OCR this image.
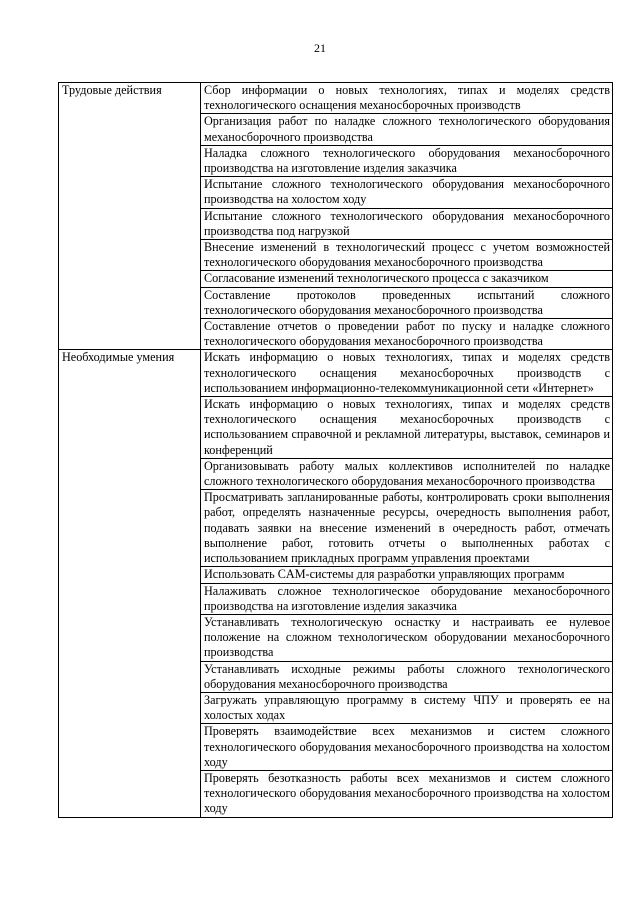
21
Трудовые действия	Сбор информации о новых технологиях, типах и моделях средств технологического оснащения механосборочных производств

	Организация работ по наладке сложного технологического оборудования механосборочного производства

	Наладка сложного технологического оборудования механосборочного производства на изготовление изделия заказчика

	Испытание сложного технологического оборудования механосборочного производства на холостом ходу

	Испытание сложного технологического оборудования механосборочного производства под нагрузкой

	Внесение изменений в технологический процесс с учетом возможностей технологического оборудования механосборочного производства

	Согласование изменений технологического процесса с заказчиком

	Составление протоколов проведенных испытаний сложного технологического оборудования механосборочного производства

	Составление отчетов о проведении работ по пуску и наладке сложного технологического оборудования механосборочного производства

Необходимые умения	Искать информацию о новых технологиях, типах и моделях средств технологического оснащения механосборочных производств с использованием информационно-телекоммуникационной сети «Интернет»

	Искать информацию о новых технологиях, типах и моделях средств технологического оснащения механосборочных производств с использованием справочной и рекламной литературы, выставок, семинаров и конференций

	Организовывать работу малых коллективов исполнителей по наладке сложного технологического оборудования механосборочного производства

	Просматривать запланированные работы, контролировать сроки выполнения работ, определять назначенные ресурсы, очередность выполнения работ, подавать заявки на внесение изменений в очередность работ, отмечать выполнение работ, готовить отчеты о выполненных работах с использованием прикладных программ управления проектами

	Использовать CAM-системы для разработки управляющих программ

	Налаживать сложное технологическое оборудование механосборочного производства на изготовление изделия заказчика

	Устанавливать технологическую оснастку и настраивать ее нулевое положение на сложном технологическом оборудовании механосборочного производства

	Устанавливать исходные режимы работы сложного технологического оборудования механосборочного производства

	Загружать управляющую программу в систему ЧПУ и проверять ее на холостых ходах

	Проверять взаимодействие всех механизмов и систем сложного технологического оборудования механосборочного производства на холостом ходу

	Проверять безотказность работы всех механизмов и систем сложного технологического оборудования механосборочного производства на холостом ходу
